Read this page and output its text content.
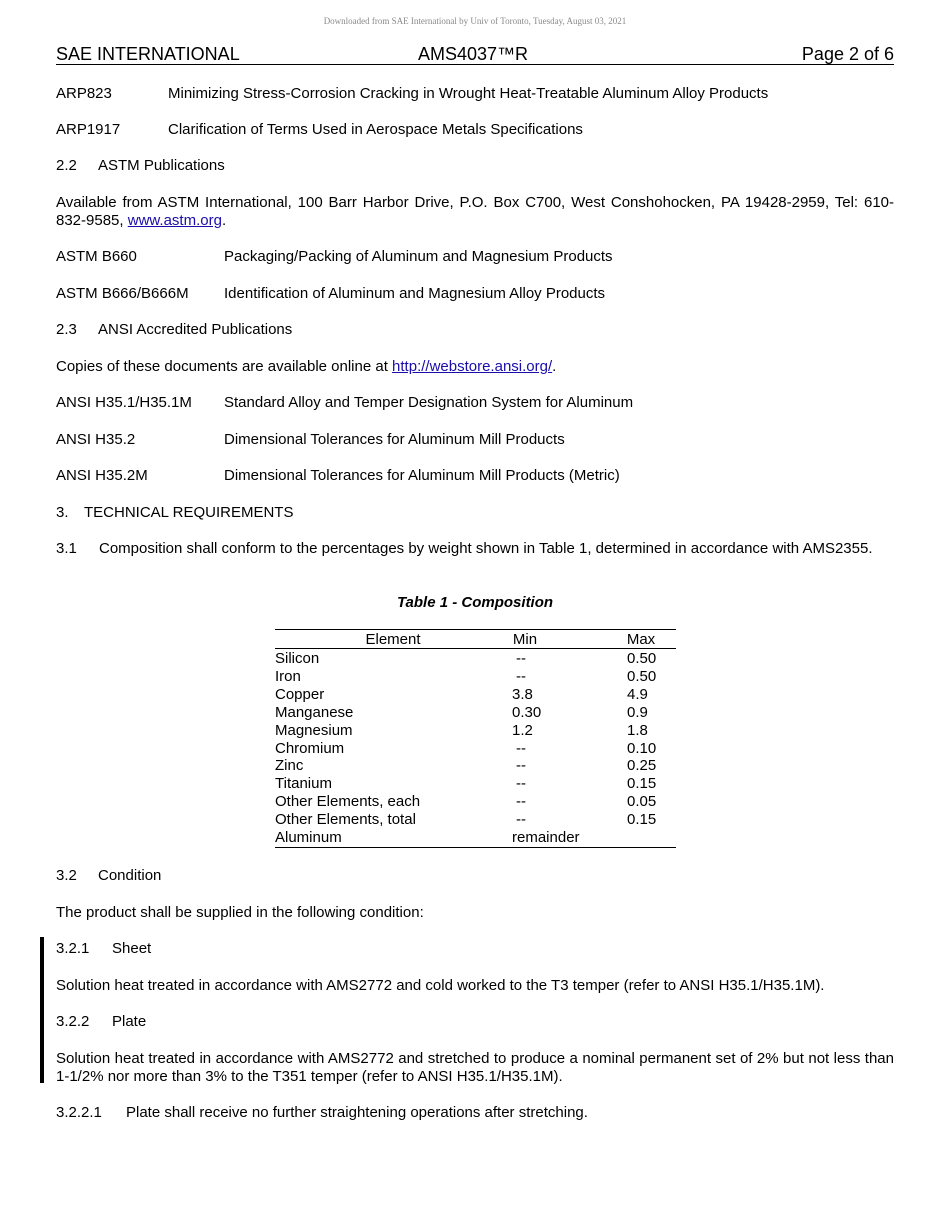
Downloaded from SAE International by Univ of Toronto, Tuesday, August 03, 2021
SAE INTERNATIONAL	AMS4037™R	Page 2 of 6
ARP823	Minimizing Stress-Corrosion Cracking in Wrought Heat-Treatable Aluminum Alloy Products
ARP1917	Clarification of Terms Used in Aerospace Metals Specifications
2.2 ASTM Publications
Available from ASTM International, 100 Barr Harbor Drive, P.O. Box C700, West Conshohocken, PA 19428-2959, Tel: 610-832-9585, www.astm.org.
ASTM B660	Packaging/Packing of Aluminum and Magnesium Products
ASTM B666/B666M Identification of Aluminum and Magnesium Alloy Products
2.3 ANSI Accredited Publications
Copies of these documents are available online at http://webstore.ansi.org/.
ANSI H35.1/H35.1M Standard Alloy and Temper Designation System for Aluminum
ANSI H35.2	Dimensional Tolerances for Aluminum Mill Products
ANSI H35.2M	Dimensional Tolerances for Aluminum Mill Products (Metric)
3. TECHNICAL REQUIREMENTS
3.1 Composition shall conform to the percentages by weight shown in Table 1, determined in accordance with AMS2355.
Table 1 - Composition
Element	Min	Max
Silicon	--	0.50
Iron	--	0.50
Copper	3.8	4.9
Manganese	0.30	0.9
Magnesium	1.2	1.8
Chromium	--	0.10
Zinc	--	0.25
Titanium	--	0.15
Other Elements, each	--	0.05
Other Elements, total	--	0.15
Aluminum	remainder
3.2 Condition
The product shall be supplied in the following condition:
3.2.1 Sheet
Solution heat treated in accordance with AMS2772 and cold worked to the T3 temper (refer to ANSI H35.1/H35.1M).
3.2.2 Plate
Solution heat treated in accordance with AMS2772 and stretched to produce a nominal permanent set of 2% but not less than 1-1/2% nor more than 3% to the T351 temper (refer to ANSI H35.1/H35.1M).
3.2.2.1 Plate shall receive no further straightening operations after stretching.
